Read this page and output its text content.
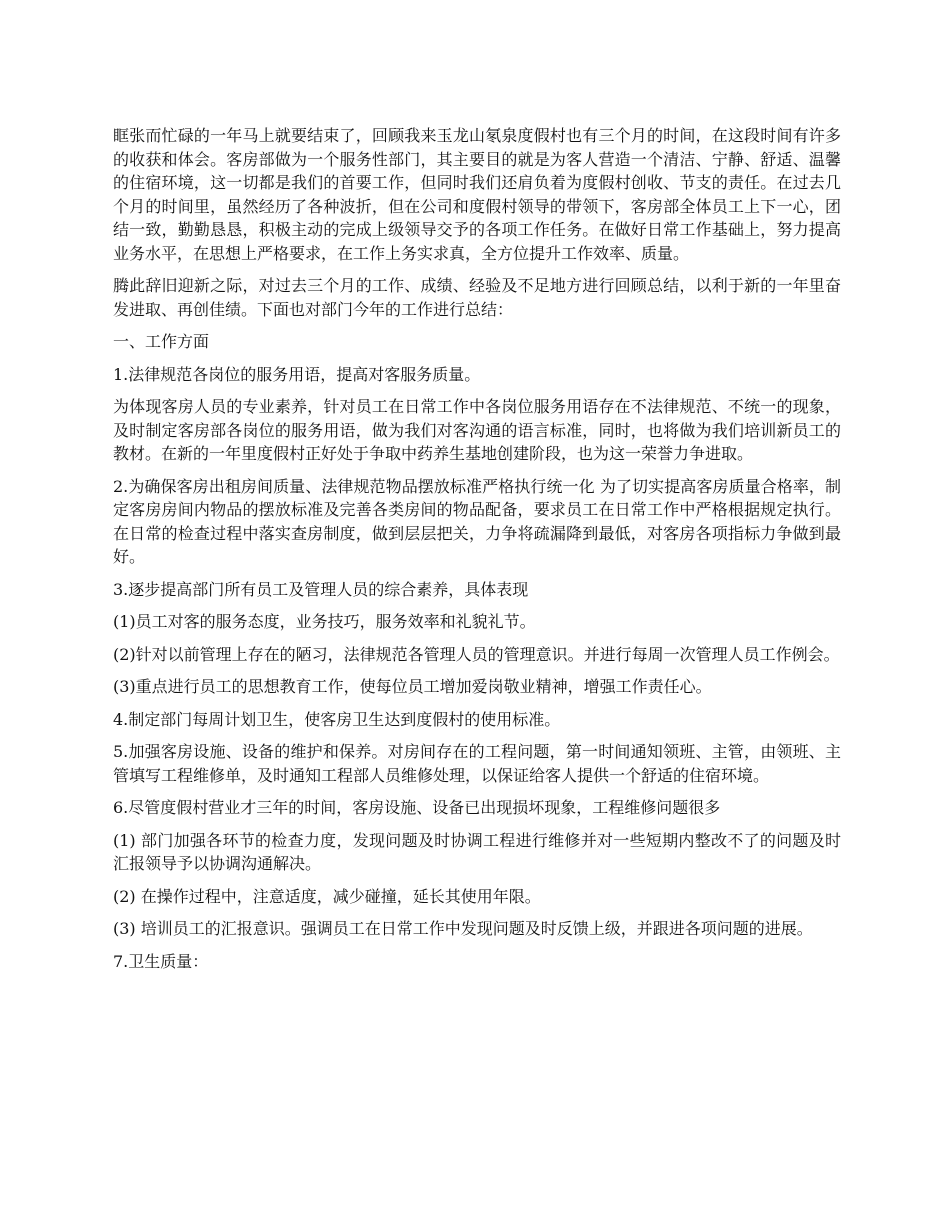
眶张而忙碌的一年马上就要结束了，回顾我来玉龙山氡泉度假村也有三个月的时间，在这段时间有许多的收获和体会。客房部做为一个服务性部门，其主要目的就是为客人营造一个清洁、宁静、舒适、温馨的住宿环境，这一切都是我们的首要工作，但同时我们还肩负着为度假村创收、节支的责任。在过去几个月的时间里，虽然经历了各种波折，但在公司和度假村领导的带领下，客房部全体员工上下一心，团结一致，勤勤恳恳，积极主动的完成上级领导交予的各项工作任务。在做好日常工作基础上，努力提高业务水平，在思想上严格要求，在工作上务实求真，全方位提升工作效率、质量。

腾此辞旧迎新之际，对过去三个月的工作、成绩、经验及不足地方进行回顾总结，以利于新的一年里奋发进取、再创佳绩。下面也对部门今年的工作进行总结：

一、工作方面

1.法律规范各岗位的服务用语，提高对客服务质量。

为体现客房人员的专业素养，针对员工在日常工作中各岗位服务用语存在不法律规范、不统一的现象，及时制定客房部各岗位的服务用语，做为我们对客沟通的语言标准，同时，也将做为我们培训新员工的教材。在新的一年里度假村正好处于争取中药养生基地创建阶段，也为这一荣誉力争进取。

2.为确保客房出租房间质量、法律规范物品摆放标准严格执行统一化 为了切实提高客房质量合格率，制定客房房间内物品的摆放标准及完善各类房间的物品配备，要求员工在日常工作中严格根据规定执行。在日常的检查过程中落实查房制度，做到层层把关，力争将疏漏降到最低，对客房各项指标力争做到最好。

3.逐步提高部门所有员工及管理人员的综合素养，具体表现

(1)员工对客的服务态度，业务技巧，服务效率和礼貌礼节。

(2)针对以前管理上存在的陋习，法律规范各管理人员的管理意识。并进行每周一次管理人员工作例会。

(3)重点进行员工的思想教育工作，使每位员工增加爱岗敬业精神，增强工作责任心。

4.制定部门每周计划卫生，使客房卫生达到度假村的使用标准。

5.加强客房设施、设备的维护和保养。对房间存在的工程问题，第一时间通知领班、主管，由领班、主管填写工程维修单，及时通知工程部人员维修处理，以保证给客人提供一个舒适的住宿环境。

6.尽管度假村营业才三年的时间，客房设施、设备已出现损坏现象，工程维修问题很多

(1) 部门加强各环节的检查力度，发现问题及时协调工程进行维修并对一些短期内整改不了的问题及时汇报领导予以协调沟通解决。

(2) 在操作过程中，注意适度，减少碰撞，延长其使用年限。

(3) 培训员工的汇报意识。强调员工在日常工作中发现问题及时反馈上级，并跟进各项问题的进展。

7.卫生质量：
